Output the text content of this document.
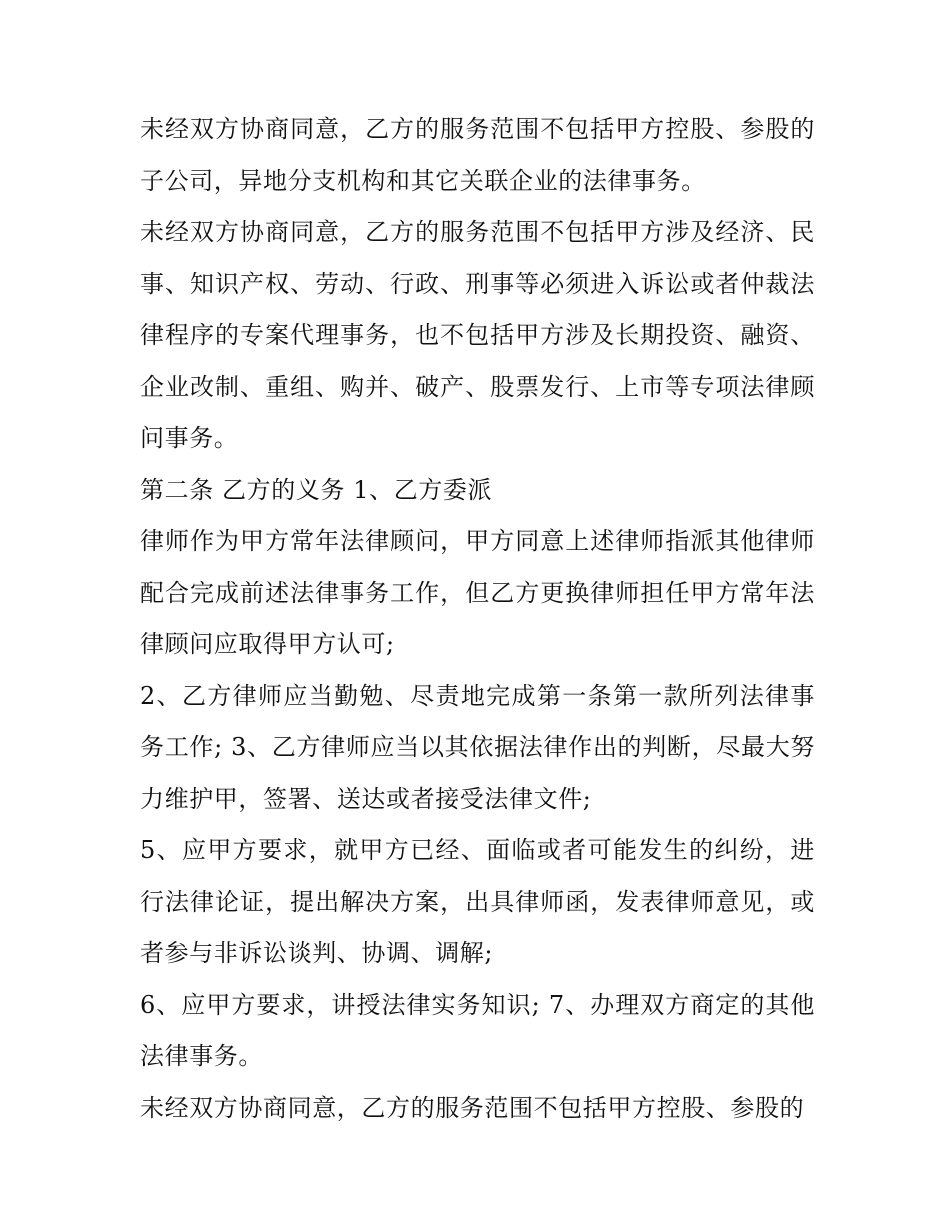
未经双方协商同意，乙方的服务范围不包括甲方控股、参股的子公司，异地分支机构和其它关联企业的法律事务。

未经双方协商同意，乙方的服务范围不包括甲方涉及经济、民事、知识产权、劳动、行政、刑事等必须进入诉讼或者仲裁法律程序的专案代理事务，也不包括甲方涉及长期投资、融资、企业改制、重组、购并、破产、股票发行、上市等专项法律顾问事务。

第二条 乙方的义务 1、乙方委派

律师作为甲方常年法律顾问，甲方同意上述律师指派其他律师配合完成前述法律事务工作，但乙方更换律师担任甲方常年法律顾问应取得甲方认可;

2、乙方律师应当勤勉、尽责地完成第一条第一款所列法律事务工作; 3、乙方律师应当以其依据法律作出的判断，尽最大努力维护甲，签署、送达或者接受法律文件;

5、应甲方要求，就甲方已经、面临或者可能发生的纠纷，进行法律论证，提出解决方案，出具律师函，发表律师意见，或者参与非诉讼谈判、协调、调解;

6、应甲方要求，讲授法律实务知识; 7、办理双方商定的其他法律事务。

未经双方协商同意，乙方的服务范围不包括甲方控股、参股的
